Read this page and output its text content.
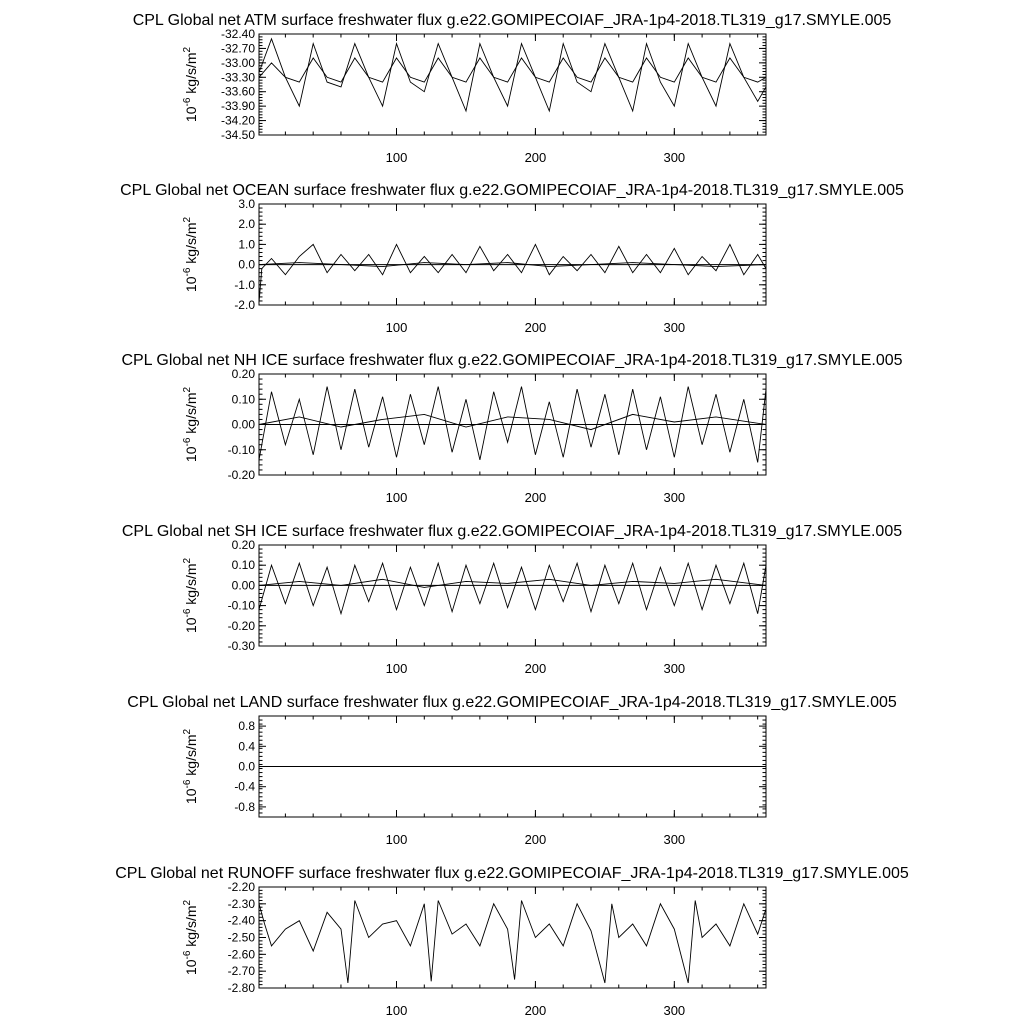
CPL Global net ATM surface freshwater flux g.e22.GOMIPECOIAF_JRA-1p4-2018.TL319_g17.SMYLE.005
-32.40
-32.70
-33.00
-33.30
-33.60
-33.90
-34.20
-34.50
100	200	300
$10^{-6}$ $kg/s/m^2$
CPL Global net OCEAN surface freshwater flux g.e22.GOMIPECOIAF_JRA-1p4-2018.TL319_g17.SMYLE.005
3.0
2.0
1.0
0.0
-1.0
-2.0
100	200	300
$10^{-6}$ $kg/s/m^2$
CPL Global net NH ICE surface freshwater flux g.e22.GOMIPECOIAF_JRA-1p4-2018.TL319_g17.SMYLE.005
0.20
0.10
0.00
-0.10
-0.20
100	200	300
$10^{-6}$ $kg/s/m^2$
CPL Global net SH ICE surface freshwater flux g.e22.GOMIPECOIAF_JRA-1p4-2018.TL319_g17.SMYLE.005
0.20
0.10
0.00
-0.10
-0.20
-0.30
100	200	300
$10^{-6}$ $kg/s/m^2$
CPL Global net LAND surface freshwater flux g.e22.GOMIPECOIAF_JRA-1p4-2018.TL319_g17.SMYLE.005
0.8
0.4
0.0
-0.4
-0.8
100	200	300
$10^{-6}$ $kg/s/m^2$
CPL Global net RUNOFF surface freshwater flux g.e22.GOMIPECOIAF_JRA-1p4-2018.TL319_g17.SMYLE.005
-2.20
-2.30
-2.40
-2.50
-2.60
-2.70
-2.80
100	200	300
$10^{-6}$ $kg/s/m^2$
